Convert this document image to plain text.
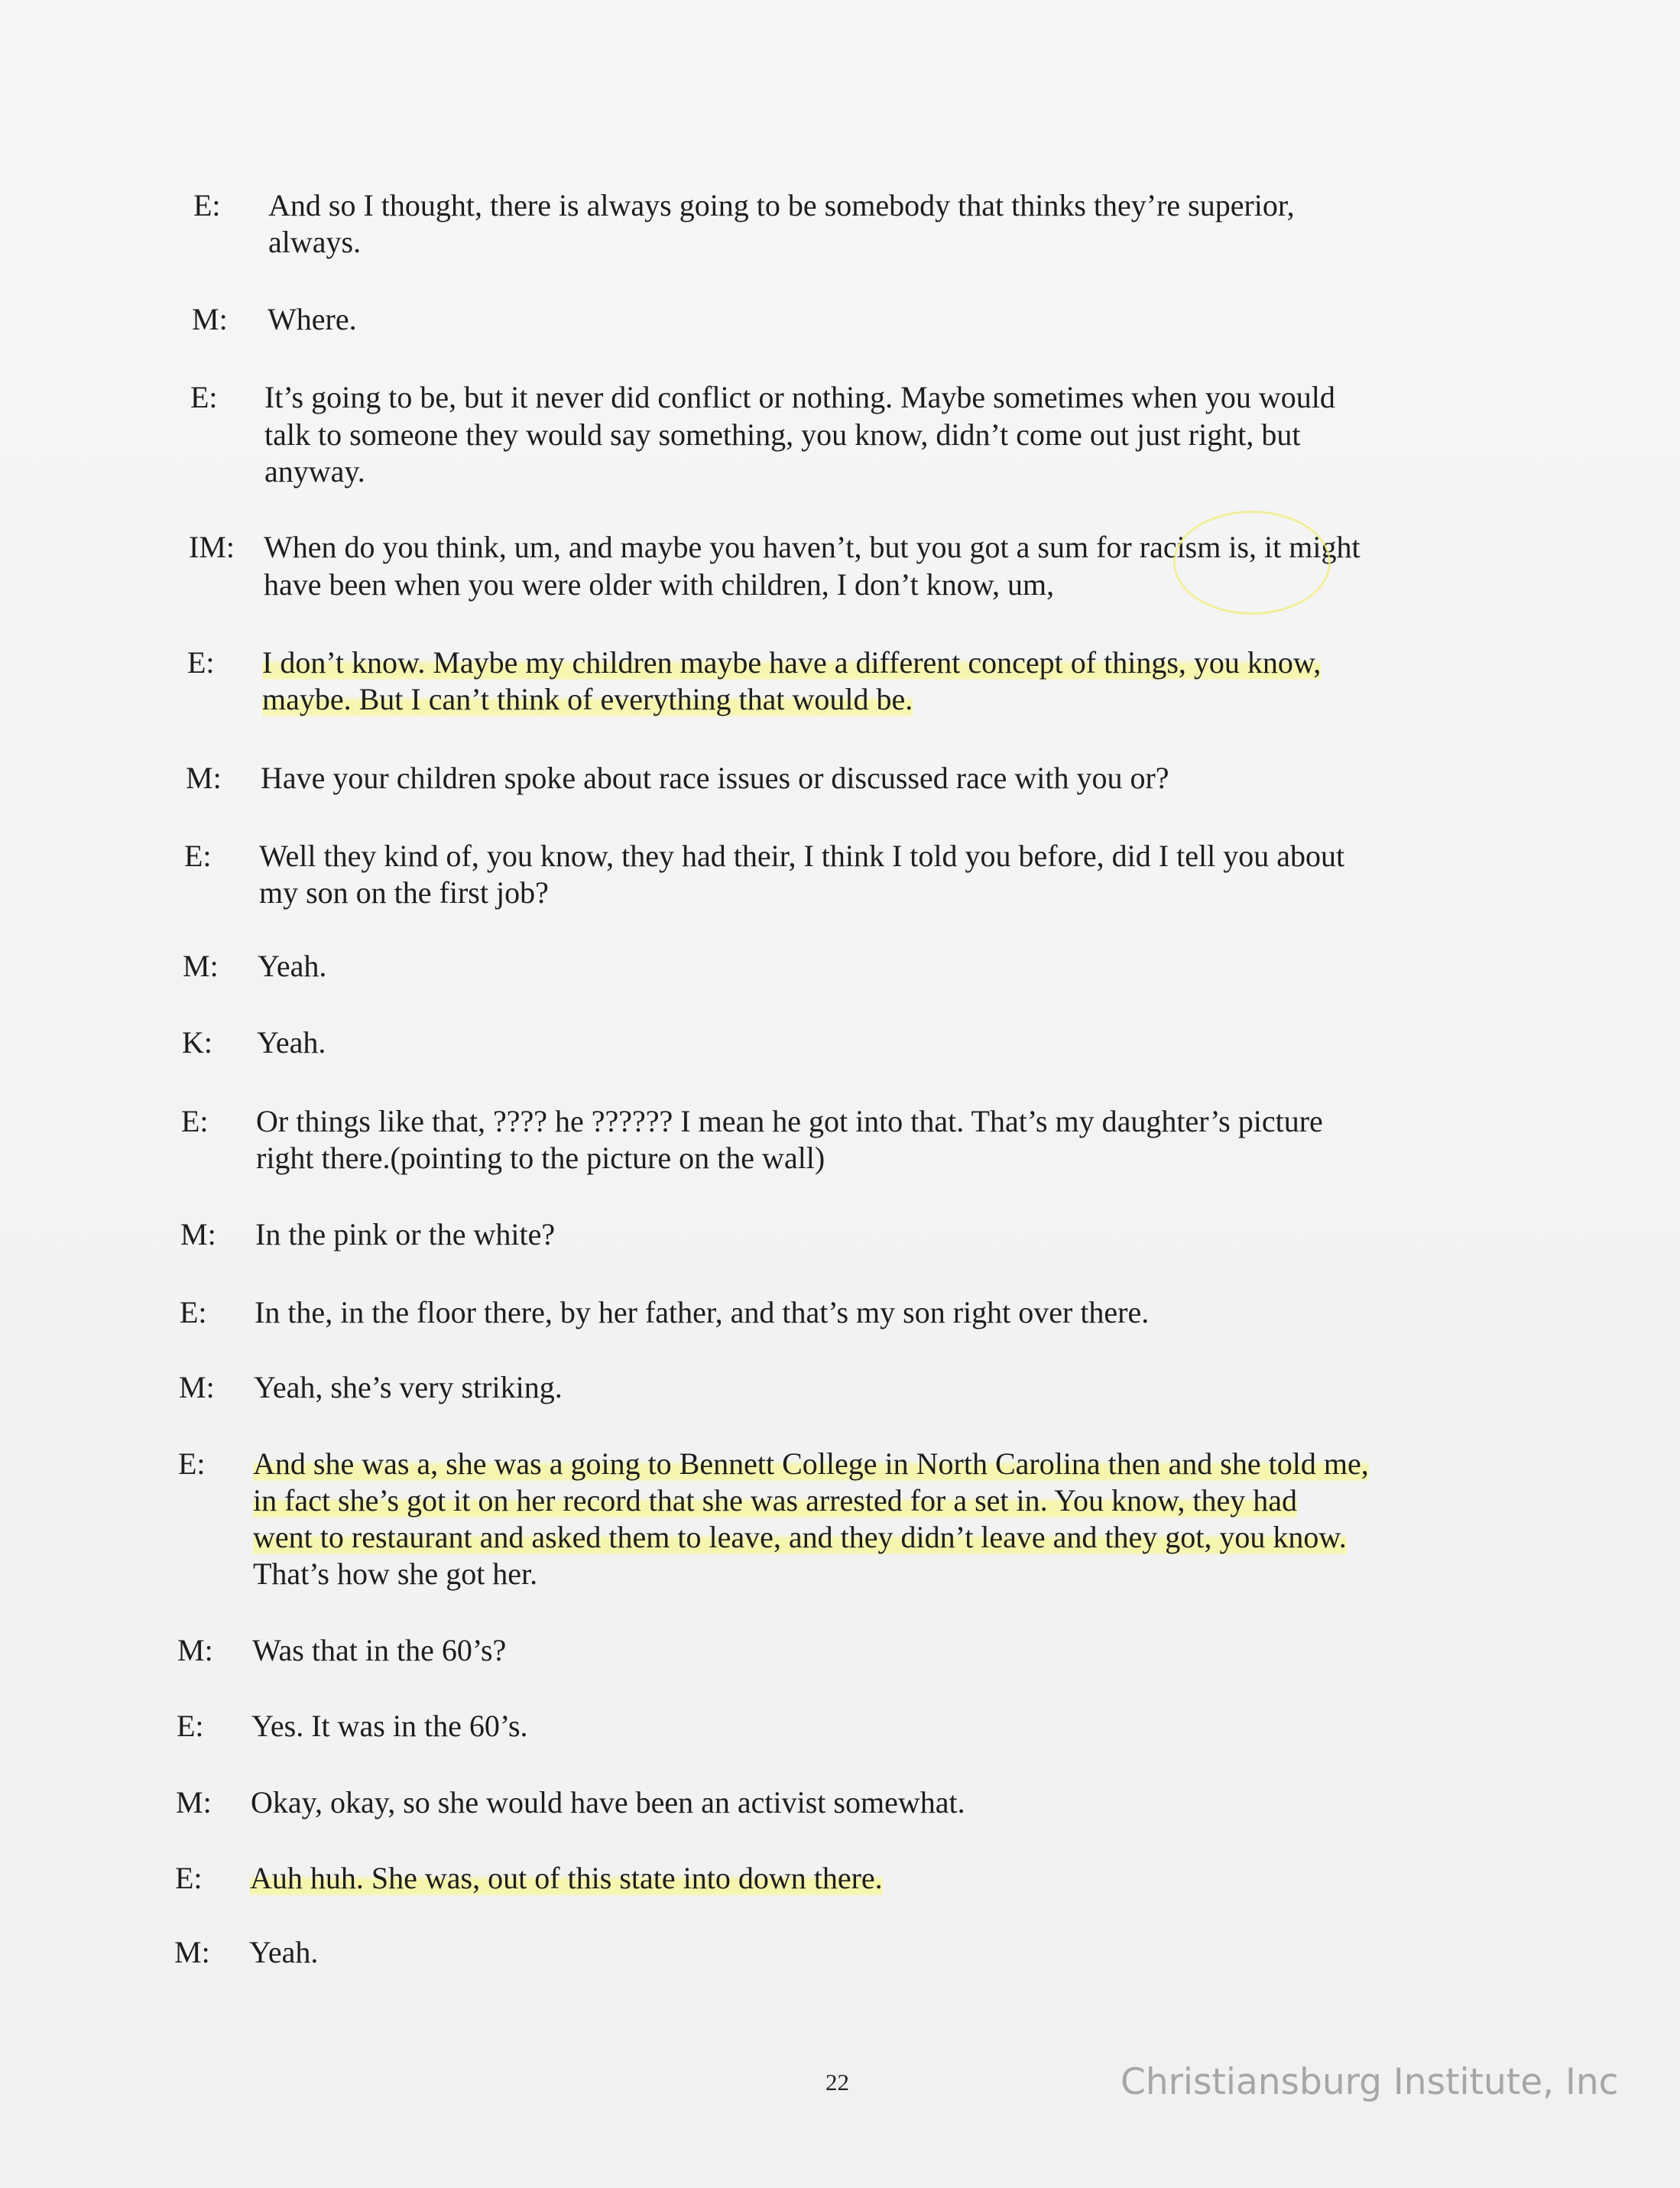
E:	And so I thought, there is always going to be somebody that thinks they’re superior,
always.
M:	Where.
E:	It’s going to be, but it never did conflict or nothing. Maybe sometimes when you would
talk to someone they would say something, you know, didn’t come out just right, but
anyway.
IM: When do you think, um, and maybe you haven’t, but you got a sum for racism is, it might
have been when you were older with children, I don’t know, um,
E:	I don’t know. Maybe my children maybe have a different concept of things, you know,
maybe. But I can’t think of everything that would be.
M:	Have your children spoke about race issues or discussed race with you or?
E:	Well they kind of, you know, they had their, I think I told you before, did I tell you about
my son on the first job?
M:	Yeah.
K:	Yeah.
E:	Or things like that, ???? he ?????? I mean he got into that. That’s my daughter’s picture
right there.(pointing to the picture on the wall)
M:	In the pink or the white?
E:	In the, in the floor there, by her father, and that’s my son right over there.
M:	Yeah, she’s very striking.
E:	And she was a, she was a going to Bennett College in North Carolina then and she told me,
in fact she’s got it on her record that she was arrested for a set in. You know, they had
went to restaurant and asked them to leave, and they didn’t leave and they got, you know.
That’s how she got her.
M:	Was that in the 60’s?
E:	Yes. It was in the 60’s.
M:	Okay, okay, so she would have been an activist somewhat.
E:	Auh huh. She was, out of this state into down there.
M:	Yeah.
22	Christiansburg Institute, Inc
